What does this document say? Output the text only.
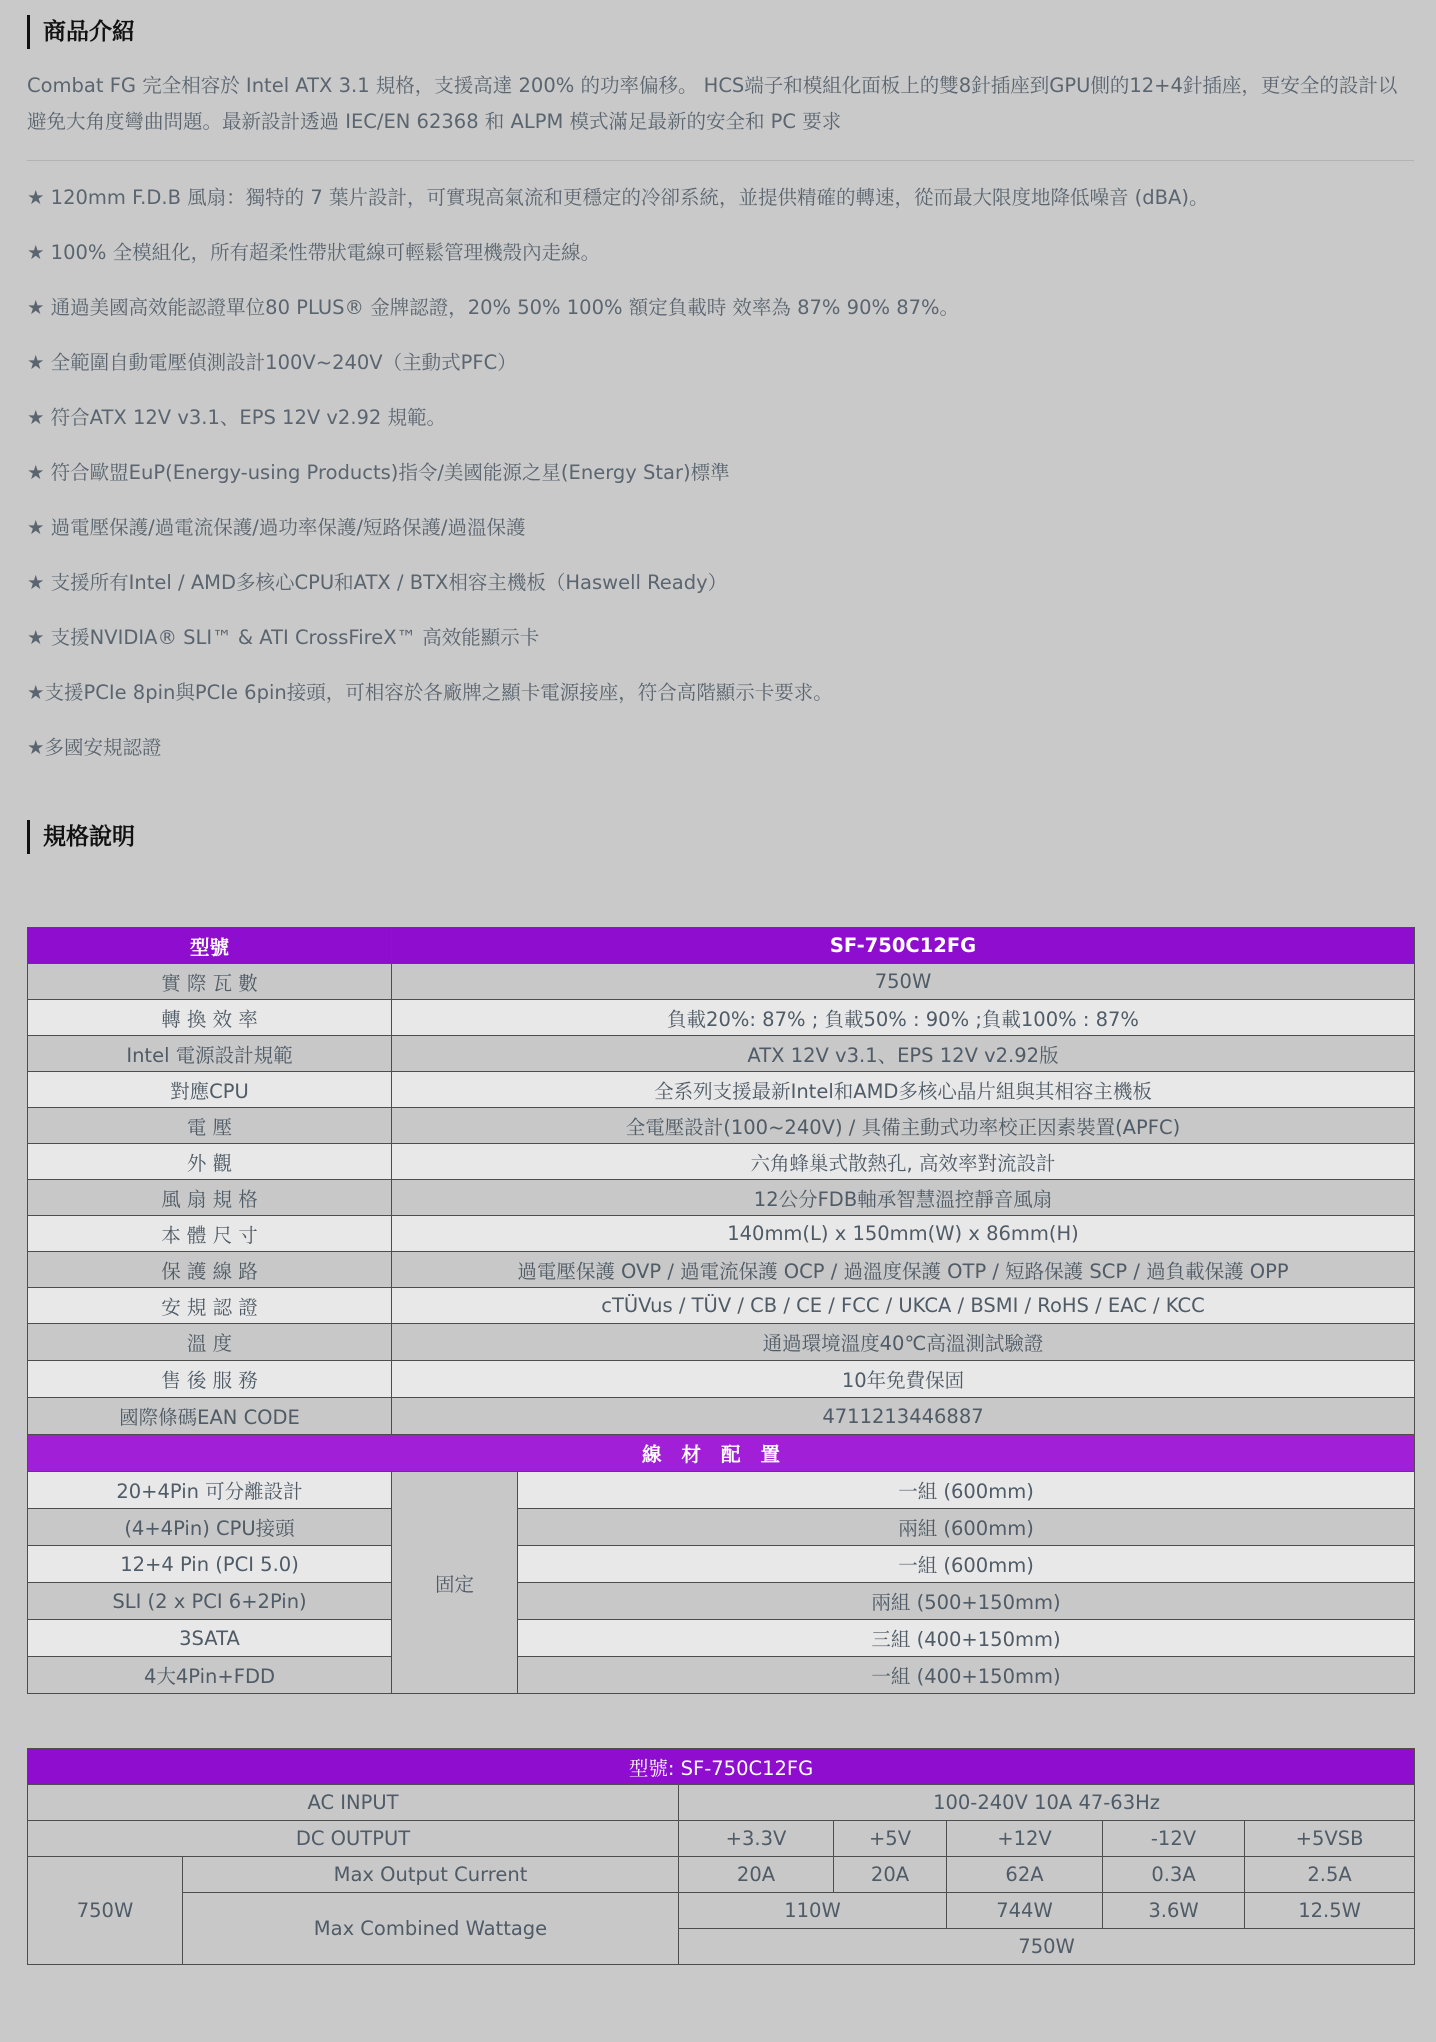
商品介紹
Combat FG 完全相容於 Intel ATX 3.1 規格，支援高達 200% 的功率偏移。 HCS端子和模組化面板上的雙8針插座到GPU側的12+4針插座，更安全的設計以避免大角度彎曲問題。最新設計透過 IEC/EN 62368 和 ALPM 模式滿足最新的安全和 PC 要求
★ 120mm F.D.B 風扇：獨特的 7 葉片設計，可實現高氣流和更穩定的冷卻系統，並提供精確的轉速，從而最大限度地降低噪音 (dBA)。
★ 100% 全模組化，所有超柔性帶狀電線可輕鬆管理機殼內走線。
★ 通過美國高效能認證單位80 PLUS® 金牌認證，20% 50% 100% 額定負載時 效率為 87% 90% 87%。
★ 全範圍自動電壓偵測設計100V~240V（主動式PFC）
★ 符合ATX 12V v3.1、EPS 12V v2.92 規範。
★ 符合歐盟EuP(Energy-using Products)指令/美國能源之星(Energy Star)標準
★ 過電壓保護/過電流保護/過功率保護/短路保護/過溫保護
★ 支援所有Intel / AMD多核心CPU和ATX / BTX相容主機板（Haswell Ready）
★ 支援NVIDIA® SLI™ & ATI CrossFireX™ 高效能顯示卡
★支援PCIe 8pin與PCIe 6pin接頭，可相容於各廠牌之顯卡電源接座，符合高階顯示卡要求。
★多國安規認證
規格說明
型號	SF-750C12FG	
實 際 瓦 數	750W	
轉 換 效 率	負載20%: 87% ; 負載50% : 90% ;負載100% : 87%	
Intel 電源設計規範	ATX 12V v3.1、EPS 12V v2.92版	
對應CPU	全系列支援最新Intel和AMD多核心晶片組與其相容主機板	
電 壓	全電壓設計(100~240V) / 具備主動式功率校正因素裝置(APFC)	
外 觀	六角蜂巢式散熱孔, 高效率對流設計	
風 扇 規 格	12公分FDB軸承智慧溫控靜音風扇	
本 體 尺 寸	140mm(L) x 150mm(W) x 86mm(H)	
保 護 線 路	過電壓保護 OVP / 過電流保護 OCP / 過溫度保護 OTP / 短路保護 SCP / 過負載保護 OPP	
安 規 認 證	cTÜVus / TÜV / CB / CE / FCC / UKCA / BSMI / RoHS / EAC / KCC	
溫 度	通過環境溫度40℃高溫測試驗證	
售 後 服 務	10年免費保固	
國際條碼EAN CODE	4711213446887	
線材配置		
20+4Pin 可分離設計	固定	一組 (600mm)
(4+4Pin) CPU接頭		兩組 (600mm)
12+4 Pin (PCI 5.0)		一組 (600mm)
SLI (2 x PCI 6+2Pin)		兩組 (500+150mm)
3SATA		三組 (400+150mm)
4大4Pin+FDD		一組 (400+150mm)
型號: SF-750C12FG						
AC INPUT		100-240V 10A 47-63Hz				
DC OUTPUT		+3.3V	+5V	+12V	-12V	+5VSB
750W	Max Output Current	20A	20A	62A	0.3A	2.5A
	Max Combined Wattage	110W		744W	3.6W	12.5W
		750W				
